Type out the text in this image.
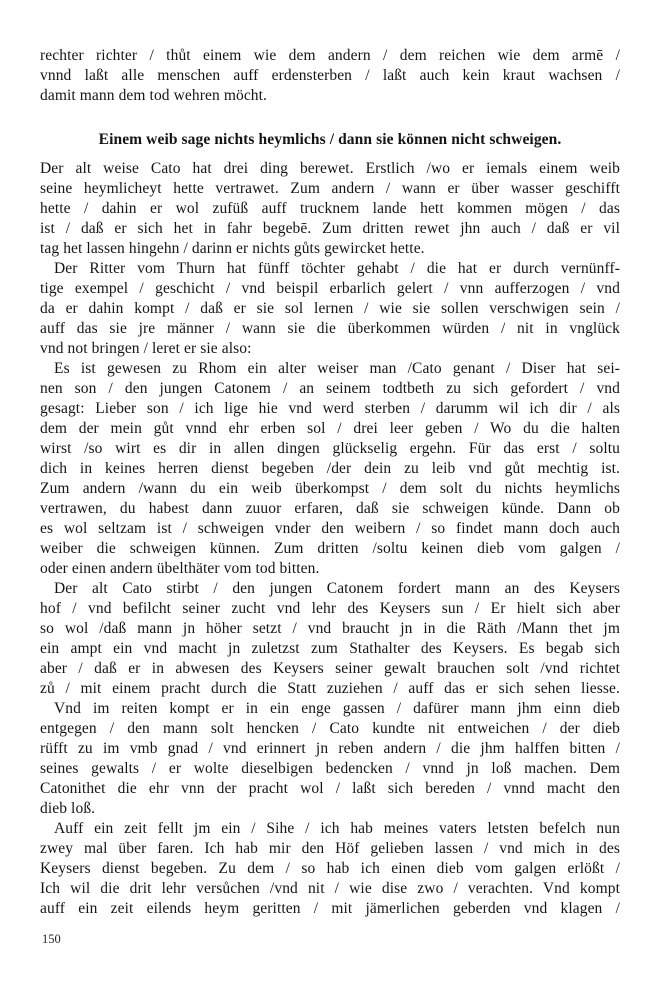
rechter richter / thůt einem wie dem andern / dem reichen wie dem armē /
vnnd laßt alle menschen auff erdensterben / laßt auch kein kraut wachsen /
damit mann dem tod wehren möcht.
Einem weib sage nichts heymlichs / dann sie können nicht schweigen.
Der alt weise Cato hat drei ding berewet. Erstlich /wo er iemals einem weib
seine heymlicheyt hette vertrawet. Zum andern / wann er über wasser geschifft
hette / dahin er wol zufüß auff trucknem lande hett kommen mögen / das
ist / daß er sich het in fahr begebē. Zum dritten rewet jhn auch / daß er vil
tag het lassen hingehn / darinn er nichts gůts gewircket hette.
Der Ritter vom Thurn hat fünff töchter gehabt / die hat er durch vernünff-
tige exempel / geschicht / vnd beispil erbarlich gelert / vnn aufferzogen / vnd
da er dahin kompt / daß er sie sol lernen / wie sie sollen verschwigen sein /
auff das sie jre männer / wann sie die überkommen würden / nit in vnglück
vnd not bringen / leret er sie also:
Es ist gewesen zu Rhom ein alter weiser man /Cato genant / Diser hat sei-
nen son / den jungen Catonem / an seinem todtbeth zu sich gefordert / vnd
gesagt: Lieber son / ich lige hie vnd werd sterben / darumm wil ich dir / als
dem der mein gůt vnnd ehr erben sol / drei leer geben / Wo du die halten
wirst /so wirt es dir in allen dingen glückselig ergehn. Für das erst / soltu
dich in keines herren dienst begeben /der dein zu leib vnd gůt mechtig ist.
Zum andern /wann du ein weib überkompst / dem solt du nichts heymlichs
vertrawen, du habest dann zuuor erfaren, daß sie schweigen künde. Dann ob
es wol seltzam ist / schweigen vnder den weibern / so findet mann doch auch
weiber die schweigen künnen. Zum dritten /soltu keinen dieb vom galgen /
oder einen andern übelthäter vom tod bitten.
Der alt Cato stirbt / den jungen Catonem fordert mann an des Keysers
hof / vnd befilcht seiner zucht vnd lehr des Keysers sun / Er hielt sich aber
so wol /daß mann jn höher setzt / vnd braucht jn in die Räth /Mann thet jm
ein ampt ein vnd macht jn zuletzst zum Stathalter des Keysers. Es begab sich
aber / daß er in abwesen des Keysers seiner gewalt brauchen solt /vnd richtet
zů / mit einem pracht durch die Statt zuziehen / auff das er sich sehen liesse.
Vnd im reiten kompt er in ein enge gassen / dafürer mann jhm einn dieb
entgegen / den mann solt hencken / Cato kundte nit entweichen / der dieb
rüfft zu im vmb gnad / vnd erinnert jn reben andern / die jhm halffen bitten /
seines gewalts / er wolte dieselbigen bedencken / vnnd jn loß machen. Dem
Catonithet die ehr vnn der pracht wol / laßt sich bereden / vnnd macht den
dieb loß.
Auff ein zeit fellt jm ein / Sihe / ich hab meines vaters letsten befelch nun
zwey mal über faren. Ich hab mir den Höf gelieben lassen / vnd mich in des
Keysers dienst begeben. Zu dem / so hab ich einen dieb vom galgen erlößt /
Ich wil die drit lehr versůchen /vnd nit / wie dise zwo / verachten. Vnd kompt
auff ein zeit eilends heym geritten / mit jämerlichen geberden vnd klagen /
150
